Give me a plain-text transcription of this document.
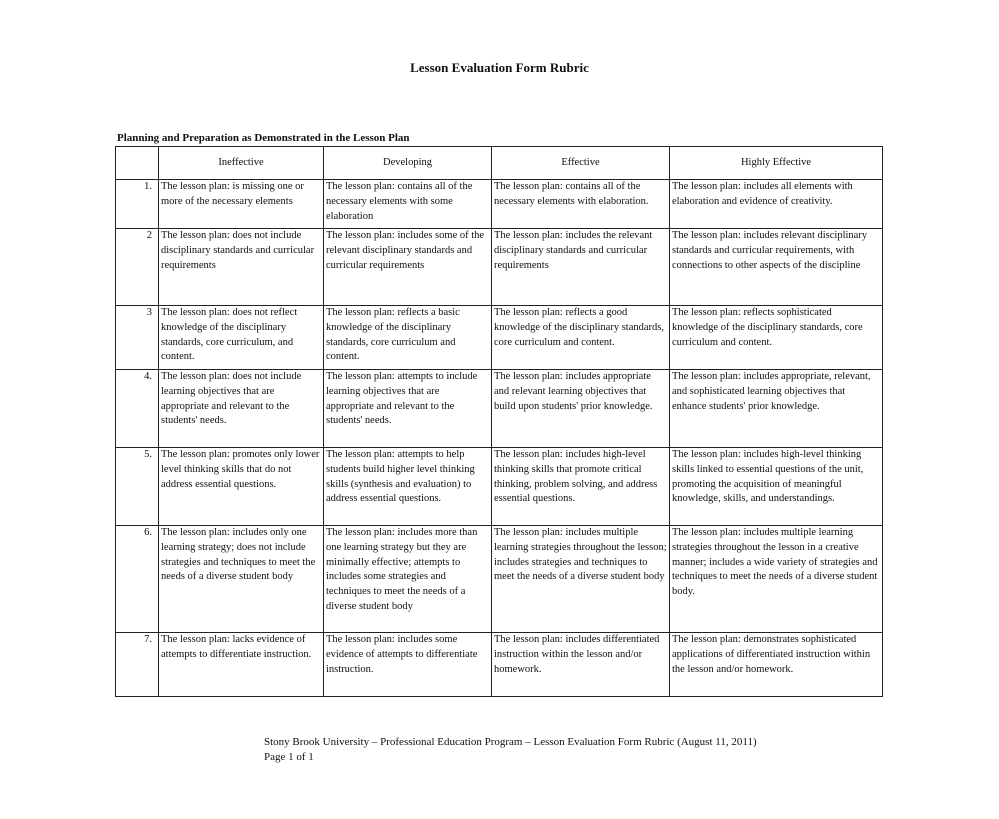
Lesson Evaluation Form Rubric
Planning and Preparation as Demonstrated in the Lesson Plan
	Ineffective	Developing	Effective	Highly Effective
1.	The lesson plan: is missing one or more of the necessary elements	The lesson plan: contains all of the necessary elements with some elaboration	The lesson plan: contains all of the necessary elements with elaboration.	The lesson plan: includes all elements with elaboration and evidence of creativity.
2	The lesson plan: does not include disciplinary standards and curricular requirements	The lesson plan: includes some of the relevant disciplinary standards and curricular requirements	The lesson plan: includes the relevant disciplinary standards and curricular requirements	The lesson plan: includes relevant disciplinary standards and curricular requirements, with connections to other aspects of the discipline
3	The lesson plan: does not reflect knowledge of the disciplinary standards, core curriculum, and content.	The lesson plan: reflects a basic knowledge of the disciplinary standards, core curriculum and content.	The lesson plan: reflects a good knowledge of the disciplinary standards, core curriculum and content.	The lesson plan: reflects sophisticated knowledge of the disciplinary standards, core curriculum and content.
4.	The lesson plan: does not include learning objectives that are appropriate and relevant to the students' needs.	The lesson plan: attempts to include learning objectives that are appropriate and relevant to the students' needs.	The lesson plan: includes appropriate and relevant learning objectives that build upon students' prior knowledge.	The lesson plan: includes appropriate, relevant, and sophisticated learning objectives that enhance students' prior knowledge.
5.	The lesson plan: promotes only lower level thinking skills that do not address essential questions.	The lesson plan: attempts to help students build higher level thinking skills (synthesis and evaluation) to address essential questions.	The lesson plan: includes high-level thinking skills that promote critical thinking, problem solving, and address essential questions.	The lesson plan: includes high-level thinking skills linked to essential questions of the unit, promoting the acquisition of meaningful knowledge, skills, and understandings.
6.	The lesson plan: includes only one learning strategy; does not include strategies and techniques to meet the needs of a diverse student body	The lesson plan: includes more than one learning strategy but they are minimally effective; attempts to includes some strategies and techniques to meet the needs of a diverse student body	The lesson plan: includes multiple learning strategies throughout the lesson; includes strategies and techniques to meet the needs of a diverse student body	The lesson plan: includes multiple learning strategies throughout the lesson in a creative manner; includes a wide variety of strategies and techniques to meet the needs of a diverse student body.
7.	The lesson plan: lacks evidence of attempts to differentiate instruction.	The lesson plan: includes some evidence of attempts to differentiate instruction.	The lesson plan: includes differentiated instruction within the lesson and/or homework.	The lesson plan: demonstrates sophisticated applications of differentiated instruction within the lesson and/or homework.
Stony Brook University – Professional Education Program – Lesson Evaluation Form Rubric (August 11, 2011)
Page 1 of 1
